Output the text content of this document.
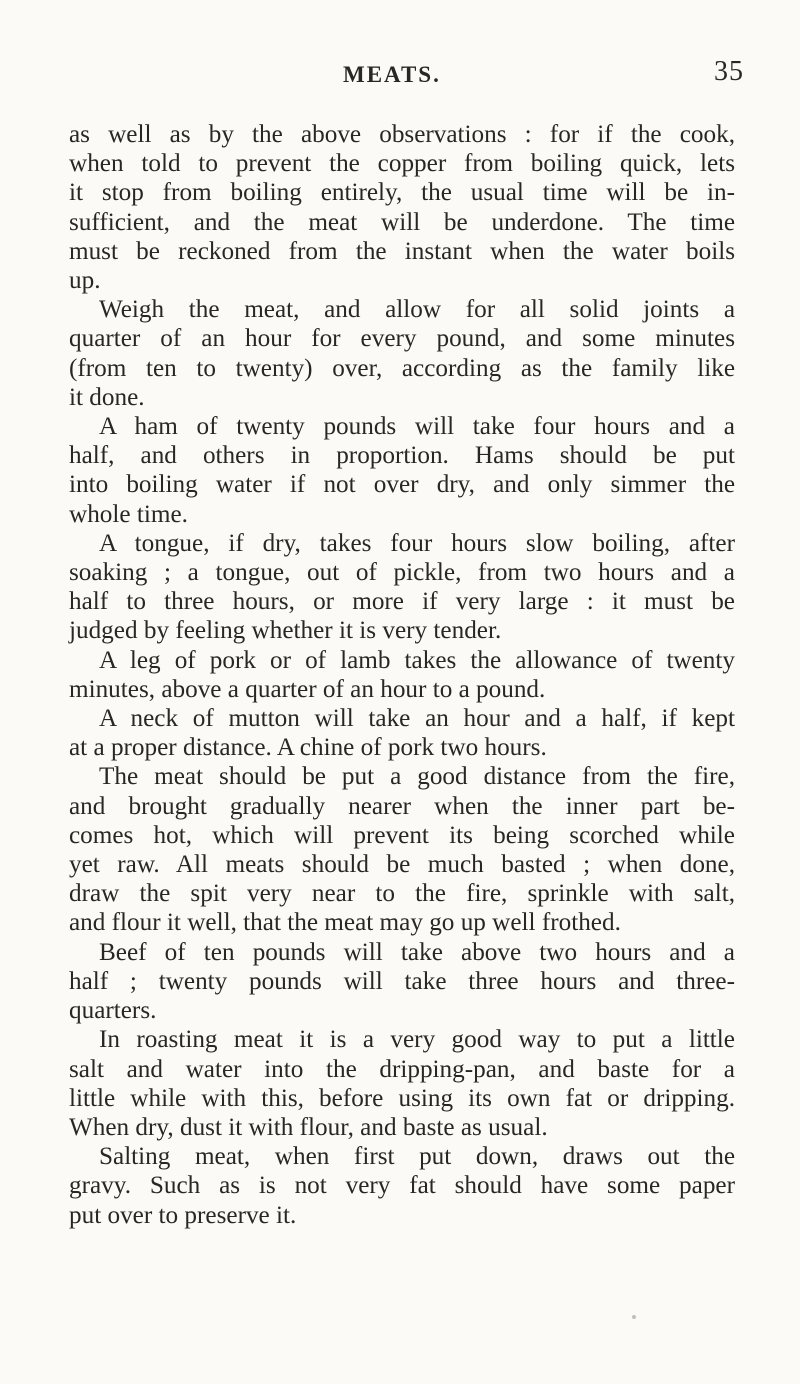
MEATS.	35
as well as by the above observations : for if the cook,
when told to prevent the copper from boiling quick, lets
it stop from boiling entirely, the usual time will be in-
sufficient, and the meat will be underdone. The time
must be reckoned from the instant when the water boils
up.
Weigh the meat, and allow for all solid joints a
quarter of an hour for every pound, and some minutes
(from ten to twenty) over, according as the family like
it done.
A ham of twenty pounds will take four hours and a
half, and others in proportion. Hams should be put
into boiling water if not over dry, and only simmer the
whole time.
A tongue, if dry, takes four hours slow boiling, after
soaking ; a tongue, out of pickle, from two hours and a
half to three hours, or more if very large : it must be
judged by feeling whether it is very tender.
A leg of pork or of lamb takes the allowance of twenty
minutes, above a quarter of an hour to a pound.
A neck of mutton will take an hour and a half, if kept
at a proper distance. A chine of pork two hours.
The meat should be put a good distance from the fire,
and brought gradually nearer when the inner part be-
comes hot, which will prevent its being scorched while
yet raw. All meats should be much basted ; when done,
draw the spit very near to the fire, sprinkle with salt,
and flour it well, that the meat may go up well frothed.
Beef of ten pounds will take above two hours and a
half ; twenty pounds will take three hours and three-
quarters.
In roasting meat it is a very good way to put a little
salt and water into the dripping-pan, and baste for a
little while with this, before using its own fat or dripping.
When dry, dust it with flour, and baste as usual.
Salting meat, when first put down, draws out the
gravy. Such as is not very fat should have some paper
put over to preserve it.
